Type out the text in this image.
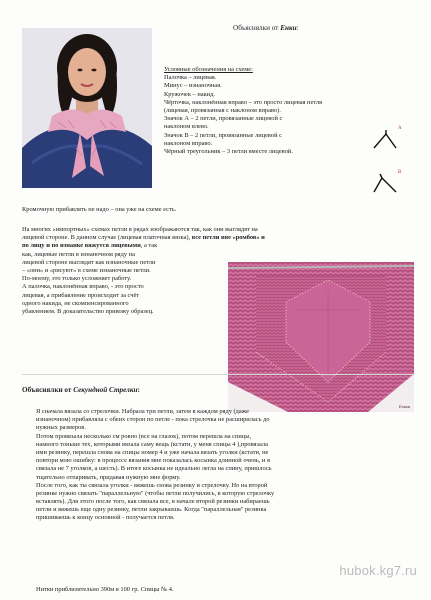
Объяснялки от Енки:
Условные обозначения на схеме:
Палочка – лицевая.
Минус – изнаночная.
Кружочек – накид.
Чёрточка, наклонённая вправо – это просто лицевая петля
(лицевая, провязанная с наклоном вправо).
Значок А – 2 петли, провязанные лицевой с
наклоном влево.
Значок В – 2 петли, провязанные лицевой с
наклоном вправо.
Чёрный треугольник – 3 петли вместе лицевой.
A
B
Кромочную прибавлять не надо – она уже на схеме есть.
На многих «импортных» схемах петли в рядах изображаются так, как они выглядят на
лицевой стороне. В данном случае (лицевая платочная вязка), все петли вне «ромбов» и
по лицу и по изнанке вяжутся лицевыми, а так
как, лицевые петли в изнаночном ряду на
лицевой стороне выглядят как изнаночные петли
– «они» и «рисуют» в схеме изнаночные петли.
По-моему, это только усложняет работу.
А палочка, наклонённая вправо, - это просто
лицевая, а прибавление происходит за счёт
одного накида, не скомпенсированного
убавлением. В доказательство привожу образец.
Енька
Объяснялки от Секундной Стрелки:
Я сначала вязала со стрелочки. Набрала три петли, затем в каждом ряду (даже
изнаночном) прибавляла с обеих сторон по петле - пока стрелочка не расширилась до
нужных размеров.
Потом провязала несколько см ровно (все на глазок), потом перешла на спицы,
намного тоньше тех, которыми вязала саму вещь (кстати, у меня спицы 4 ),провязала
ими резинку, перешла снова на спицы номер 4 и уже начала вязать уголки (кстати, не
повтори мою ошибку: в процессе вязания мне показалась косынка длинной очень, и я
связала не 7 уголков, а шесть). В итоге косынка не идеально легла на спину, пришлось
тщательно отпаривать, придавая нужную мне форму.
После того, как ты связала уголки - вяжешь снова резинку и стрелочку. Но на второй
резинке нужно связать "параллельную" (чтобы петли получились, в которую стрелочку
вставлять). Для этого после того, как связала все, в начале второй резинки набираешь
петли и вяжешь еще одну резинку, петли закрываешь. Когда "параллельная" резинка
пришиваешь к концу основной - получается петля.
Нитки приблизительно 390м в 100 гр. Спицы № 4.
hubok.kg7.ru
